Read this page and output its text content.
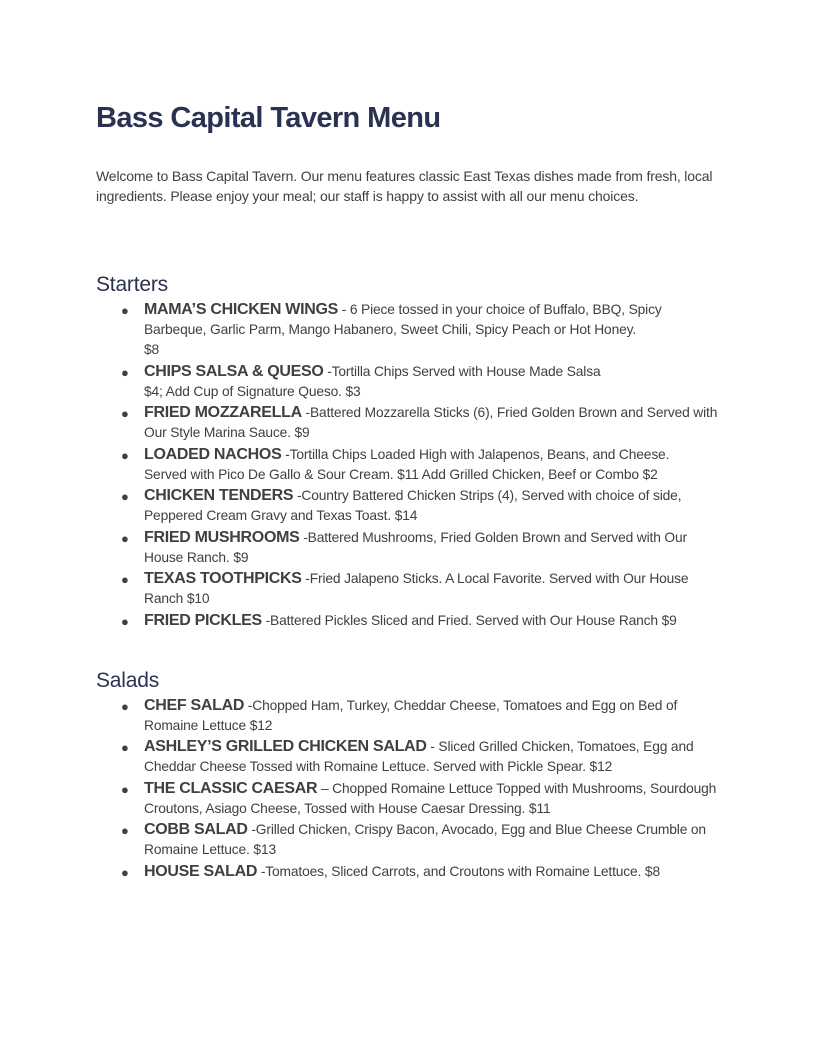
Bass Capital Tavern Menu

Welcome to Bass Capital Tavern. Our menu features classic East Texas dishes made from fresh, local ingredients. Please enjoy your meal; our staff is happy to assist with all our menu choices.

Starters
● MAMA’S CHICKEN WINGS - 6 Piece tossed in your choice of Buffalo, BBQ, Spicy Barbeque, Garlic Parm, Mango Habanero, Sweet Chili, Spicy Peach or Hot Honey.
$8
● CHIPS SALSA & QUESO -Tortilla Chips Served with House Made Salsa
$4; Add Cup of Signature Queso. $3
● FRIED MOZZARELLA -Battered Mozzarella Sticks (6), Fried Golden Brown and Served with Our Style Marina Sauce. $9
● LOADED NACHOS -Tortilla Chips Loaded High with Jalapenos, Beans, and Cheese.
Served with Pico De Gallo & Sour Cream. $11 Add Grilled Chicken, Beef or Combo $2
● CHICKEN TENDERS -Country Battered Chicken Strips (4), Served with choice of side, Peppered Cream Gravy and Texas Toast. $14
● FRIED MUSHROOMS -Battered Mushrooms, Fried Golden Brown and Served with Our House Ranch. $9
● TEXAS TOOTHPICKS -Fried Jalapeno Sticks. A Local Favorite. Served with Our House Ranch $10
● FRIED PICKLES -Battered Pickles Sliced and Fried. Served with Our House Ranch $9
Salads
● CHEF SALAD -Chopped Ham, Turkey, Cheddar Cheese, Tomatoes and Egg on Bed of Romaine Lettuce $12
● ASHLEY’S GRILLED CHICKEN SALAD - Sliced Grilled Chicken, Tomatoes, Egg and Cheddar Cheese Tossed with Romaine Lettuce. Served with Pickle Spear. $12
● THE CLASSIC CAESAR – Chopped Romaine Lettuce Topped with Mushrooms, Sourdough Croutons, Asiago Cheese, Tossed with House Caesar Dressing. $11
● COBB SALAD -Grilled Chicken, Crispy Bacon, Avocado, Egg and Blue Cheese Crumble on Romaine Lettuce. $13
● HOUSE SALAD -Tomatoes, Sliced Carrots, and Croutons with Romaine Lettuce. $8
